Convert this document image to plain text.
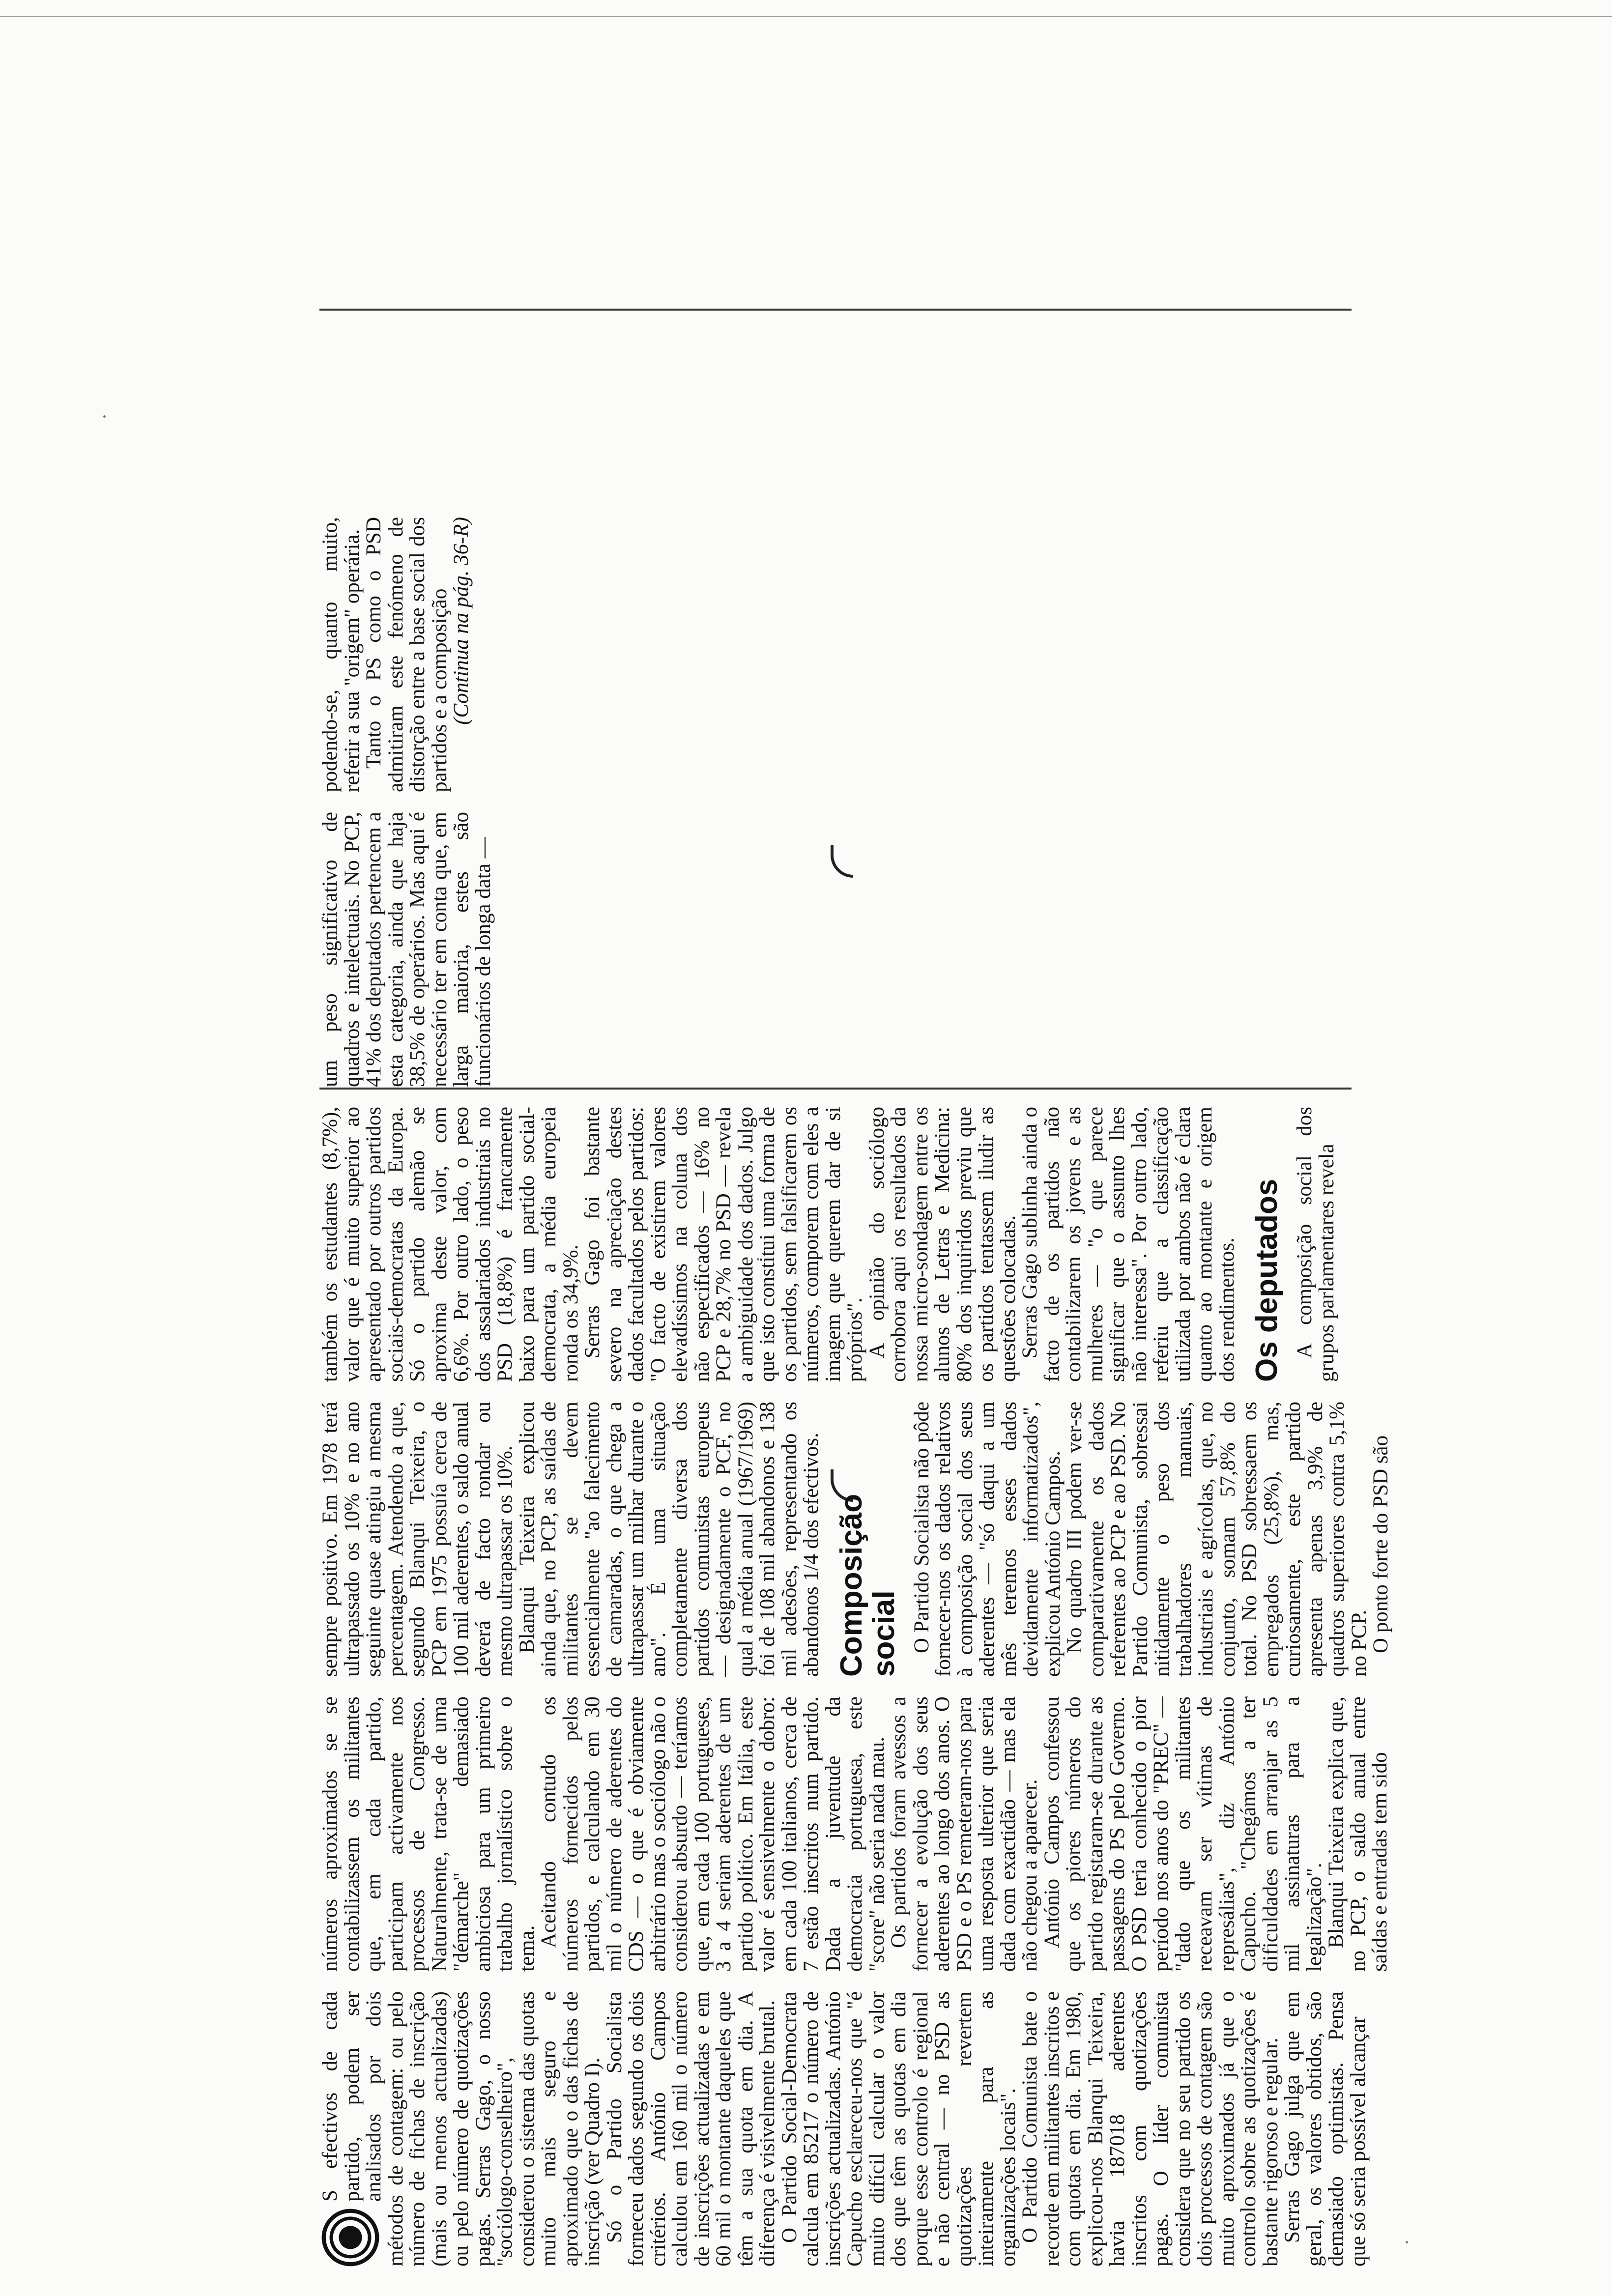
S efectivos de cada partido, podem ser analisados por dois métodos de contagem: ou pelo número de fichas de inscrição (mais ou menos actualizadas) ou pelo número de quotizações pagas. Serras Gago, o nosso "sociólogo-conselheiro", considerou o sistema das quotas muito mais seguro e aproximado que o das fichas de inscrição (ver Quadro I).

Só o Partido Socialista forneceu dados segundo os dois critérios. António Campos calculou em 160 mil o número de inscrições actualizadas e em 60 mil o montante daqueles que têm a sua quota em dia. A diferença é visivelmente brutal.

O Partido Social-Democrata calcula em 85217 o número de inscrições actualizadas. António Capucho esclareceu-nos que "é muito difícil calcular o valor dos que têm as quotas em dia porque esse controlo é regional e não central — no PSD as quotizações revertem inteiramente para as organizações locais".

O Partido Comunista bate o recorde em militantes inscritos e com quotas em dia. Em 1980, explicou-nos Blanqui Teixeira, havia 187018 aderentes inscritos com quotizações pagas. O líder comunista considera que no seu partido os dois processos de contagem são muito aproximados já que o controlo sobre as quotizações é bastante rigoroso e regular.

Serras Gago julga que em geral, os valores obtidos, são demasiado optimistas. Pensa que só seria possível alcançar

números aproximados se se contabilizassem os militantes que, em cada partido, participam activamente nos processos de Congresso. Naturalmente, trata-se de uma "démarche" demasiado ambiciosa para um primeiro trabalho jornalístico sobre o tema.

Aceitando contudo os números fornecidos pelos partidos, e calculando em 30 mil o número de aderentes do CDS — o que é obviamente arbitrário mas o sociólogo não o considerou absurdo — teríamos que, em cada 100 portugueses, 3 a 4 seriam aderentes de um partido político. Em Itália, este valor é sensivelmente o dobro: em cada 100 italianos, cerca de 7 estão inscritos num partido. Dada a juventude da democracia portuguesa, este "score" não seria nada mau.

Os partidos foram avessos a fornecer a evolução dos seus aderentes ao longo dos anos. O PSD e o PS remeteram-nos para uma resposta ulterior que seria dada com exactidão — mas ela não chegou a aparecer.

António Campos confessou que os piores números do partido registaram-se durante as passagens do PS pelo Governo. O PSD teria conhecido o pior período nos anos do "PREC" — "dado que os militantes receavam ser vítimas de represálias", diz António Capucho. "Chegámos a ter dificuldades em arranjar as 5 mil assinaturas para a legalização".

Blanqui Teixeira explica que, no PCP, o saldo anual entre saídas e entradas tem sido

sempre positivo. Em 1978 terá ultrapassado os 10% e no ano seguinte quase atingiu a mesma percentagem. Atendendo a que, segundo Blanqui Teixeira, o PCP em 1975 possuía cerca de 100 mil aderentes, o saldo anual deverá de facto rondar ou mesmo ultrapassar os 10%.

Blanqui Teixeira explicou ainda que, no PCP, as saídas de militantes se devem essencialmente "ao falecimento de camaradas, o que chega a ultrapassar um milhar durante o ano". É uma situação completamente diversa dos partidos comunistas europeus — designadamente o PCF, no qual a média anual (1967/1969) foi de 108 mil abandonos e 138 mil adesões, representando os abandonos 1/4 dos efectivos. Composição social O Partido Socialista não pôde fornecer-nos os dados relativos à composição social dos seus aderentes — "só daqui a um mês teremos esses dados devidamente informatizados", explicou António Campos.

No quadro III podem ver-se comparativamente os dados referentes ao PCP e ao PSD. No Partido Comunista, sobressai nitidamente o peso dos trabalhadores manuais, industriais e agrícolas, que, no conjunto, somam 57,8% do total. No PSD sobressaem os empregados (25,8%), mas, curiosamente, este partido apresenta apenas 3,9% de quadros superiores contra 5,1% no PCP.

O ponto forte do PSD são

também os estudantes (8,7%), valor que é muito superior ao apresentado por outros partidos sociais-democratas da Europa. Só o partido alemão se aproxima deste valor, com 6,6%. Por outro lado, o peso dos assalariados industriais no PSD (18,8%) é francamente baixo para um partido social-democrata, a média europeia ronda os 34,9%.

Serras Gago foi bastante severo na apreciação destes dados facultados pelos partidos: "O facto de existirem valores elevadíssimos na coluna dos não especificados — 16% no PCP e 28,7% no PSD — revela a ambiguidade dos dados. Julgo que isto constitui uma forma de os partidos, sem falsificarem os números, comporem com eles a imagem que querem dar de si próprios".

A opinião do sociólogo corrobora aqui os resultados da nossa micro-sondagem entre os alunos de Letras e Medicina: 80% dos inquiridos previu que os partidos tentassem iludir as questões colocadas.

Serras Gago sublinha ainda o facto de os partidos não contabilizarem os jovens e as mulheres — "o que parece significar que o assunto lhes não interessa". Por outro lado, referiu que a classificação utilizada por ambos não é clara quanto ao montante e origem dos rendimentos. Os deputados A composição social dos grupos parlamentares revela

um peso significativo de quadros e intelectuais. No PCP, 41% dos deputados pertencem a esta categoria, ainda que haja 38,5% de operários. Mas aqui é necessário ter em conta que, em larga maioria, estes são funcionários de longa data —

podendo-se, quanto muito, referir a sua "origem" operária.

Tanto o PS como o PSD admitiram este fenómeno de distorção entre a base social dos partidos e a composição

(Continua na pág. 36-R)
